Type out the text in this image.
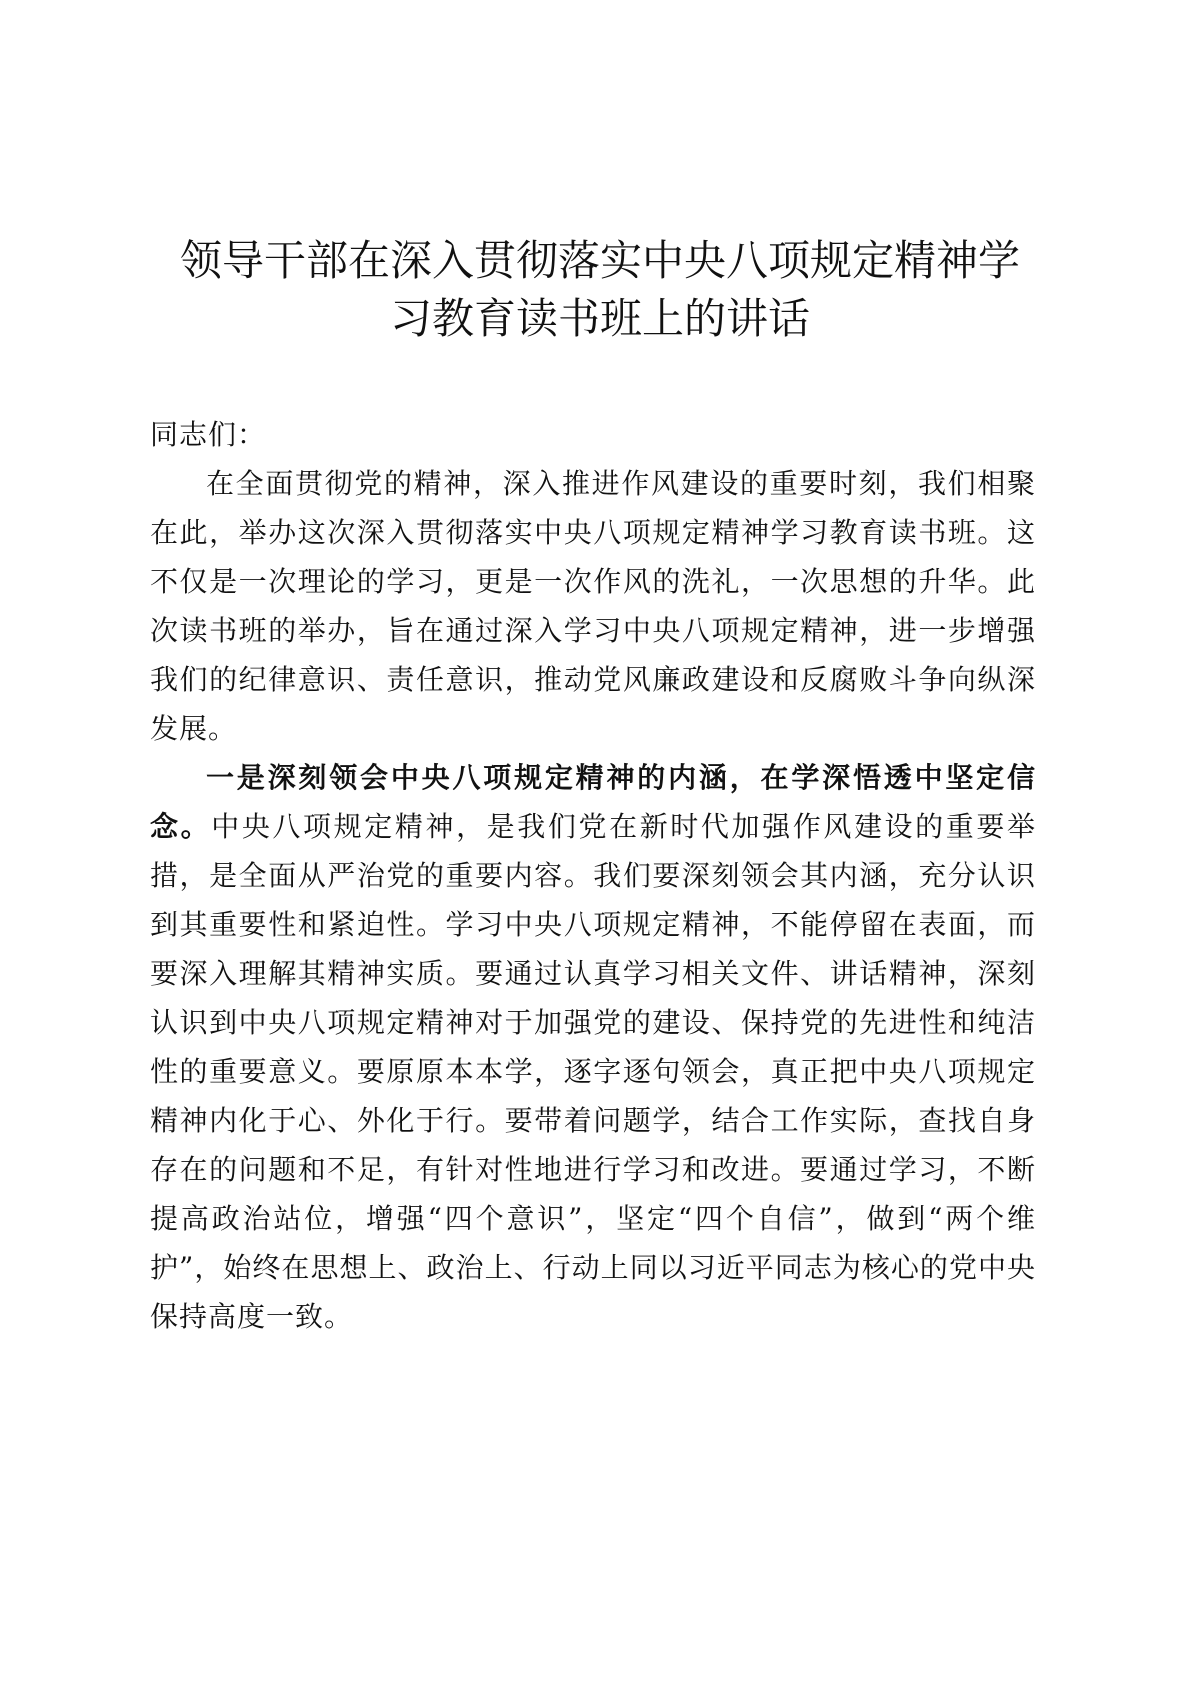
领导干部在深入贯彻落实中央八项规定精神学
习教育读书班上的讲话

同志们：

在全面贯彻党的精神，深入推进作风建设的重要时刻，我们相聚在此，举办这次深入贯彻落实中央八项规定精神学习教育读书班。这不仅是一次理论的学习，更是一次作风的洗礼，一次思想的升华。此次读书班的举办，旨在通过深入学习中央八项规定精神，进一步增强我们的纪律意识、责任意识，推动党风廉政建设和反腐败斗争向纵深发展。

一是深刻领会中央八项规定精神的内涵，在学深悟透中坚定信念。中央八项规定精神，是我们党在新时代加强作风建设的重要举措，是全面从严治党的重要内容。我们要深刻领会其内涵，充分认识到其重要性和紧迫性。学习中央八项规定精神，不能停留在表面，而要深入理解其精神实质。要通过认真学习相关文件、讲话精神，深刻认识到中央八项规定精神对于加强党的建设、保持党的先进性和纯洁性的重要意义。要原原本本学，逐字逐句领会，真正把中央八项规定精神内化于心、外化于行。要带着问题学，结合工作实际，查找自身存在的问题和不足，有针对性地进行学习和改进。要通过学习，不断提高政治站位，增强“四个意识”，坚定“四个自信”，做到“两个维护”，始终在思想上、政治上、行动上同以习近平同志为核心的党中央保持高度一致。
